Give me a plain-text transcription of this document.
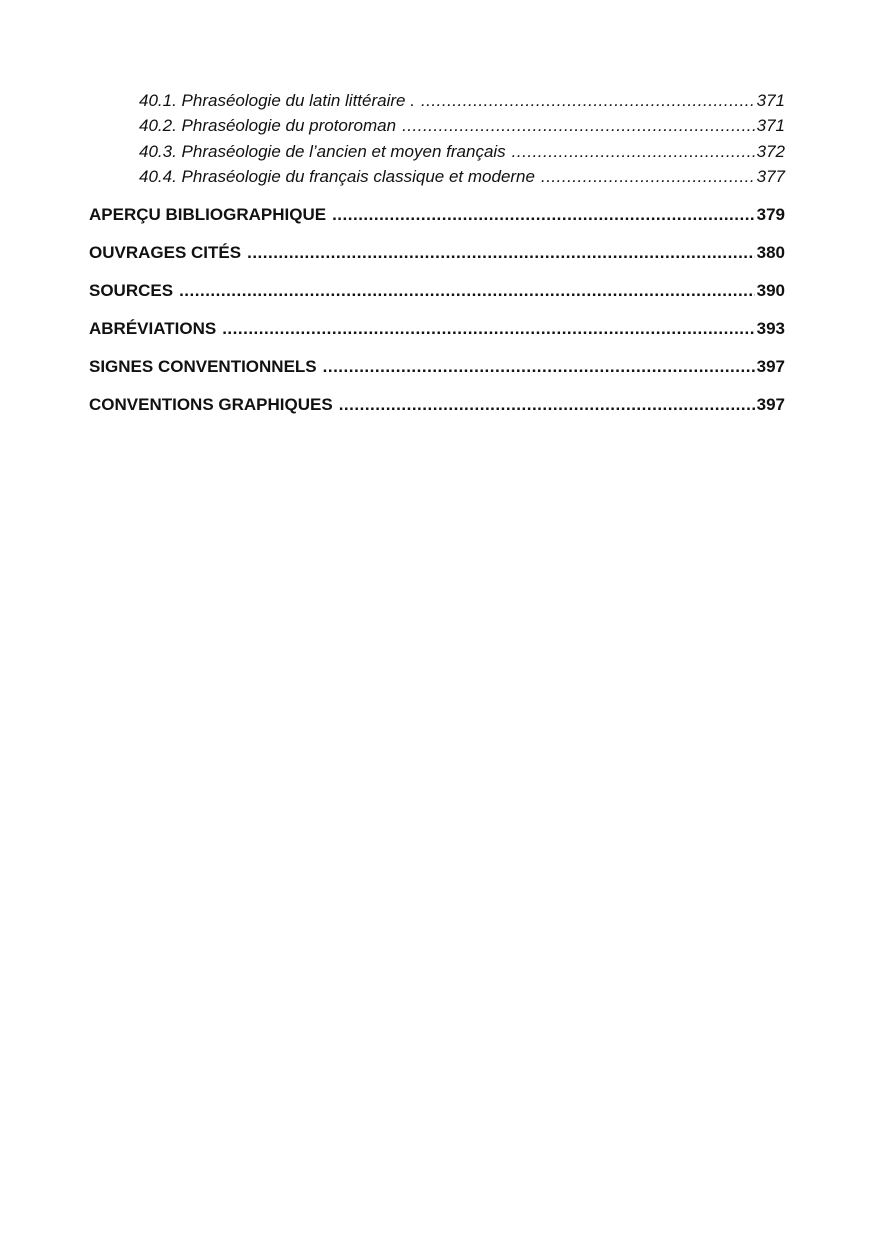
40.1. Phraséologie du latin littéraire . .....	371
40.2. Phraséologie du protoroman .....	371
40.3. Phraséologie de l’ancien et moyen français .....	372
40.4. Phraséologie du français classique et moderne .....	377
APERÇU BIBLIOGRAPHIQUE .....	379
OUVRAGES CITÉS .....	380
SOURCES .....	390
ABRÉVIATIONS .....	393
SIGNES CONVENTIONNELS .....	397
CONVENTIONS GRAPHIQUES .....	397
